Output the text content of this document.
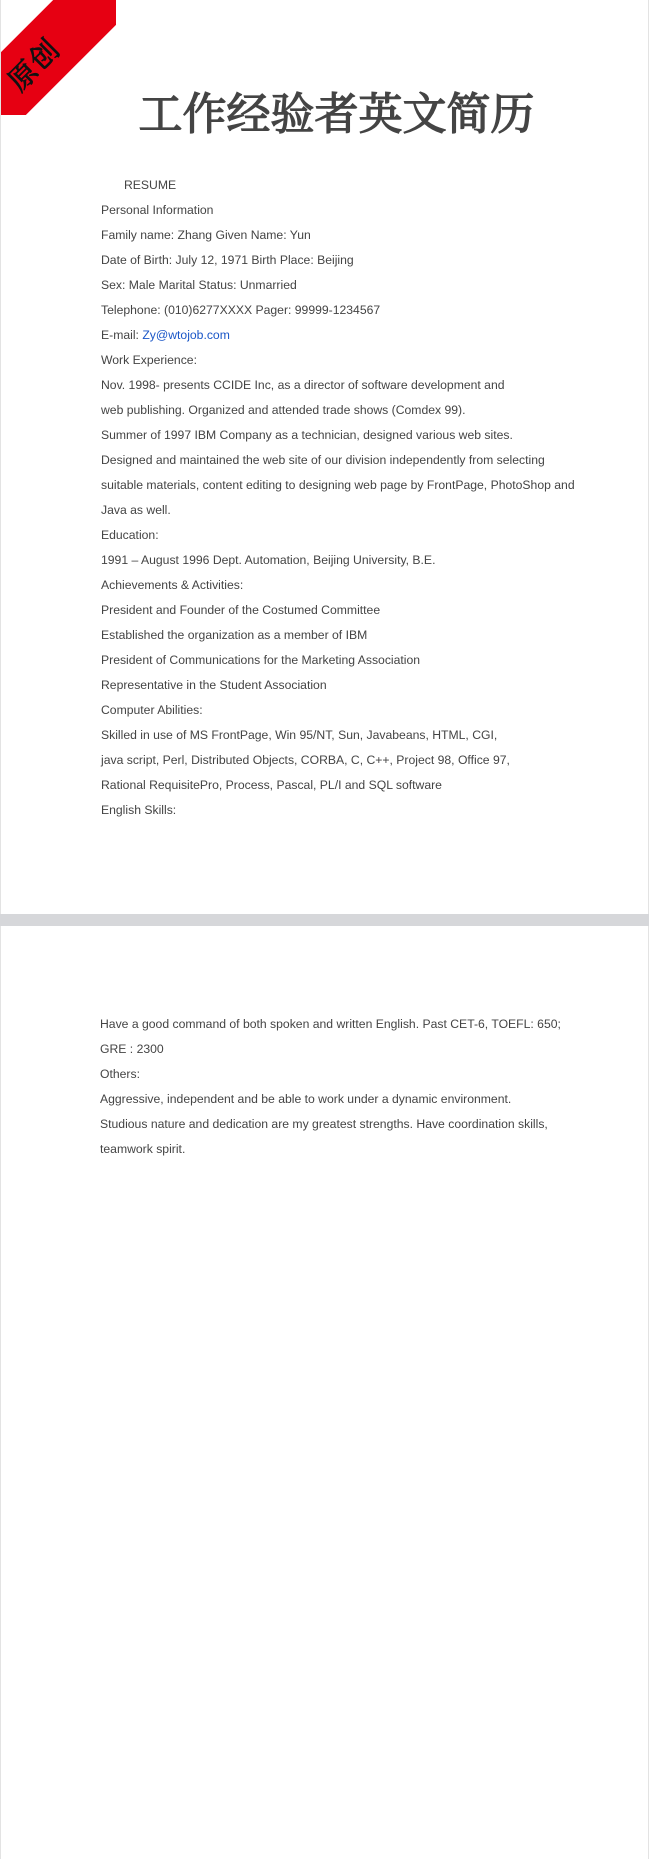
原创
工作经验者英文简历
RESUME
Personal Information
Family name: Zhang Given Name: Yun
Date of Birth: July 12, 1971 Birth Place: Beijing
Sex: Male Marital Status: Unmarried
Telephone: (010)6277XXXX Pager: 99999-1234567
E-mail: Zy@wtojob.com
Work Experience:
Nov. 1998- presents CCIDE Inc, as a director of software development and
web publishing. Organized and attended trade shows (Comdex 99).
Summer of 1997 IBM Company as a technician, designed various web sites.
Designed and maintained the web site of our division independently from selecting
suitable materials, content editing to designing web page by FrontPage, PhotoShop and
Java as well.
Education:
1991 – August 1996 Dept. Automation, Beijing University, B.E.
Achievements & Activities:
President and Founder of the Costumed Committee
Established the organization as a member of IBM
President of Communications for the Marketing Association
Representative in the Student Association
Computer Abilities:
Skilled in use of MS FrontPage, Win 95/NT, Sun, Javabeans, HTML, CGI,
java script, Perl, Distributed Objects, CORBA, C, C++, Project 98, Office 97,
Rational RequisitePro, Process, Pascal, PL/I and SQL software
English Skills:
Have a good command of both spoken and written English. Past CET-6, TOEFL: 650;
GRE : 2300
Others:
Aggressive, independent and be able to work under a dynamic environment.
Studious nature and dedication are my greatest strengths. Have coordination skills,
teamwork spirit.
